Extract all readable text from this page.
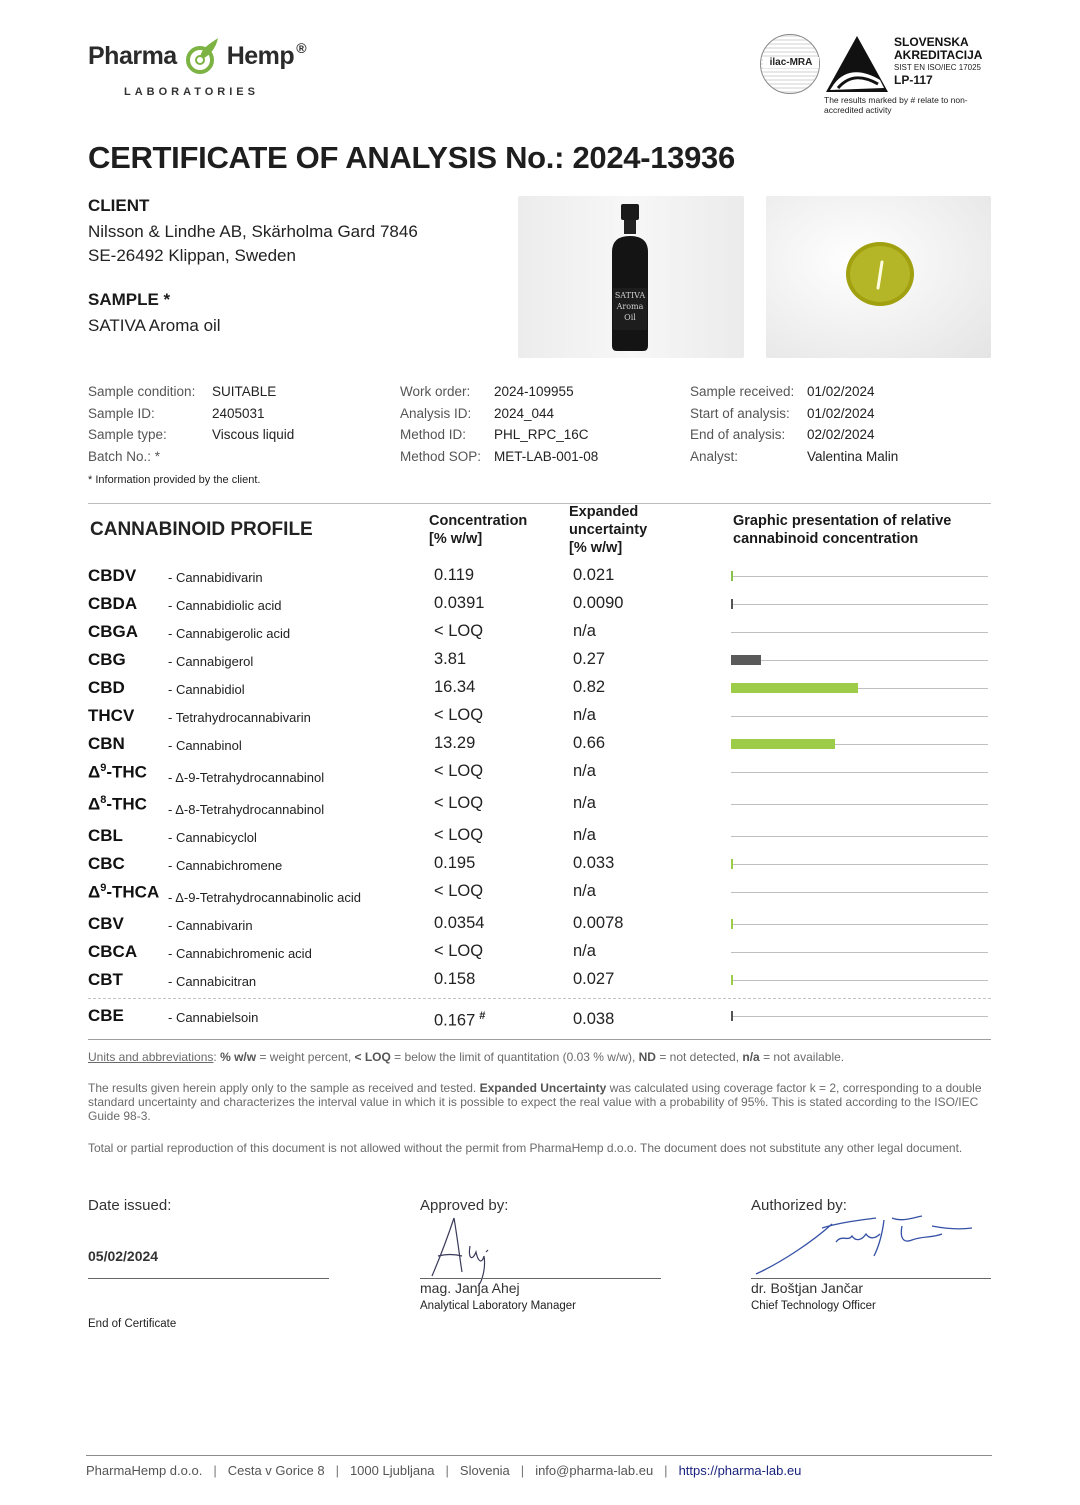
Pharma Hemp ®
LABORATORIES
ilac-MRA
SLOVENSKA
AKREDITACIJA
SIST EN ISO/IEC 17025
LP-117
The results marked by # relate to non-accredited activity
CERTIFICATE OF ANALYSIS No.: 2024-13936
CLIENT
Nilsson & Lindhe AB, Skärholma Gard 7846
SE-26492 Klippan, Sweden
SAMPLE *
SATIVA Aroma oil
SATIVA Aroma Oil
Sample condition:	SUITABLE
Sample ID:	2405031
Sample type:	Viscous liquid
Batch No.: *
Work order:	2024-109955
Analysis ID:	2024_044
Method ID:	PHL_RPC_16C
Method SOP: MET-LAB-001-08
Sample received: 01/02/2024
Start of analysis:	01/02/2024
End of analysis:	02/02/2024
Analyst:	Valentina Malin
* Information provided by the client.
CANNABINOID PROFILE	Concentration
[% w/w]
Expanded
uncertainty
[% w/w]
Graphic presentation of relative
cannabinoid concentration
CBDV - Cannabidivarin	0.119	0.021
CBDA - Cannabidiolic acid	0.0391	0.0090
CBGA - Cannabigerolic acid	< LOQ	n/a
CBG	- Cannabigerol	3.81	0.27
CBD	- Cannabidiol	16.34	0.82
THCV	- Tetrahydrocannabivarin	< LOQ	n/a
CBN	- Cannabinol	13.29	0.66
$\Delta^9$-THC - Δ-9-Tetrahydrocannabinol	< LOQ	n/a
$\Delta^8$-THC - Δ-8-Tetrahydrocannabinol	< LOQ	n/a
CBL	- Cannabicyclol	< LOQ	n/a
CBC	- Cannabichromene	0.195	0.033
$\Delta^9$-THCA - Δ-9-Tetrahydrocannabinolic acid	< LOQ	n/a
CBV	- Cannabivarin	0.0354	0.0078
CBCA - Cannabichromenic acid	< LOQ	n/a
CBT	- Cannabicitran	0.158	0.027
CBE	- Cannabielsoin	0.167 #	0.038
Units and abbreviations: % w/w = weight percent, < LOQ = below the limit of quantitation (0.03 % w/w), ND = not detected, n/a = not available.
The results given herein apply only to the sample as received and tested. Expanded Uncertainty was calculated using coverage factor k = 2, corresponding to a double standard uncertainty and characterizes the interval value in which it is possible to expect the real value with a probability of 95%. This is stated according to the ISO/IEC Guide 98-3.
Total or partial reproduction of this document is not allowed without the permit from PharmaHemp d.o.o. The document does not substitute any other legal document.
Date issued:
05/02/2024
End of Certificate
Approved by:
mag. Janja Ahej
Analytical Laboratory Manager
Authorized by:
dr. Boštjan Jančar
Chief Technology Officer
PharmaHemp d.o.o. | Cesta v Gorice 8 | 1000 Ljubljana | Slovenia | info@pharma-lab.eu | https://pharma-lab.eu
